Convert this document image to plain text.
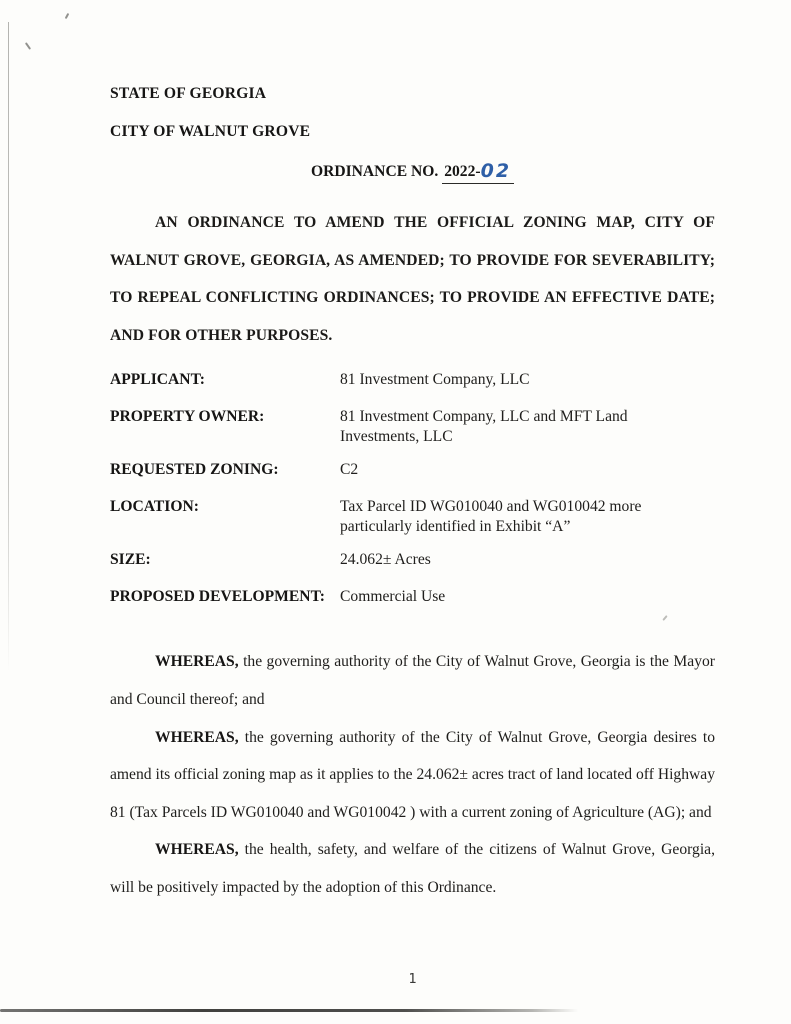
STATE OF GEORGIA

CITY OF WALNUT GROVE

ORDINANCE NO. 2022-02

AN ORDINANCE TO AMEND THE OFFICIAL ZONING MAP, CITY OF WALNUT GROVE, GEORGIA, AS AMENDED; TO PROVIDE FOR SEVERABILITY; TO REPEAL CONFLICTING ORDINANCES; TO PROVIDE AN EFFECTIVE DATE; AND FOR OTHER PURPOSES.

APPLICANT:	81 Investment Company, LLC
PROPERTY OWNER:	81 Investment Company, LLC and MFT Land Investments, LLC
REQUESTED ZONING:	C2
LOCATION:	Tax Parcel ID WG010040 and WG010042 more particularly identified in Exhibit “A”
SIZE:	24.062± Acres
PROPOSED DEVELOPMENT: Commercial Use

WHEREAS, the governing authority of the City of Walnut Grove, Georgia is the Mayor and Council thereof; and

WHEREAS, the governing authority of the City of Walnut Grove, Georgia desires to amend its official zoning map as it applies to the 24.062± acres tract of land located off Highway 81 (Tax Parcels ID WG010040 and WG010042 ) with a current zoning of Agriculture (AG); and

WHEREAS, the health, safety, and welfare of the citizens of Walnut Grove, Georgia, will be positively impacted by the adoption of this Ordinance.

1
